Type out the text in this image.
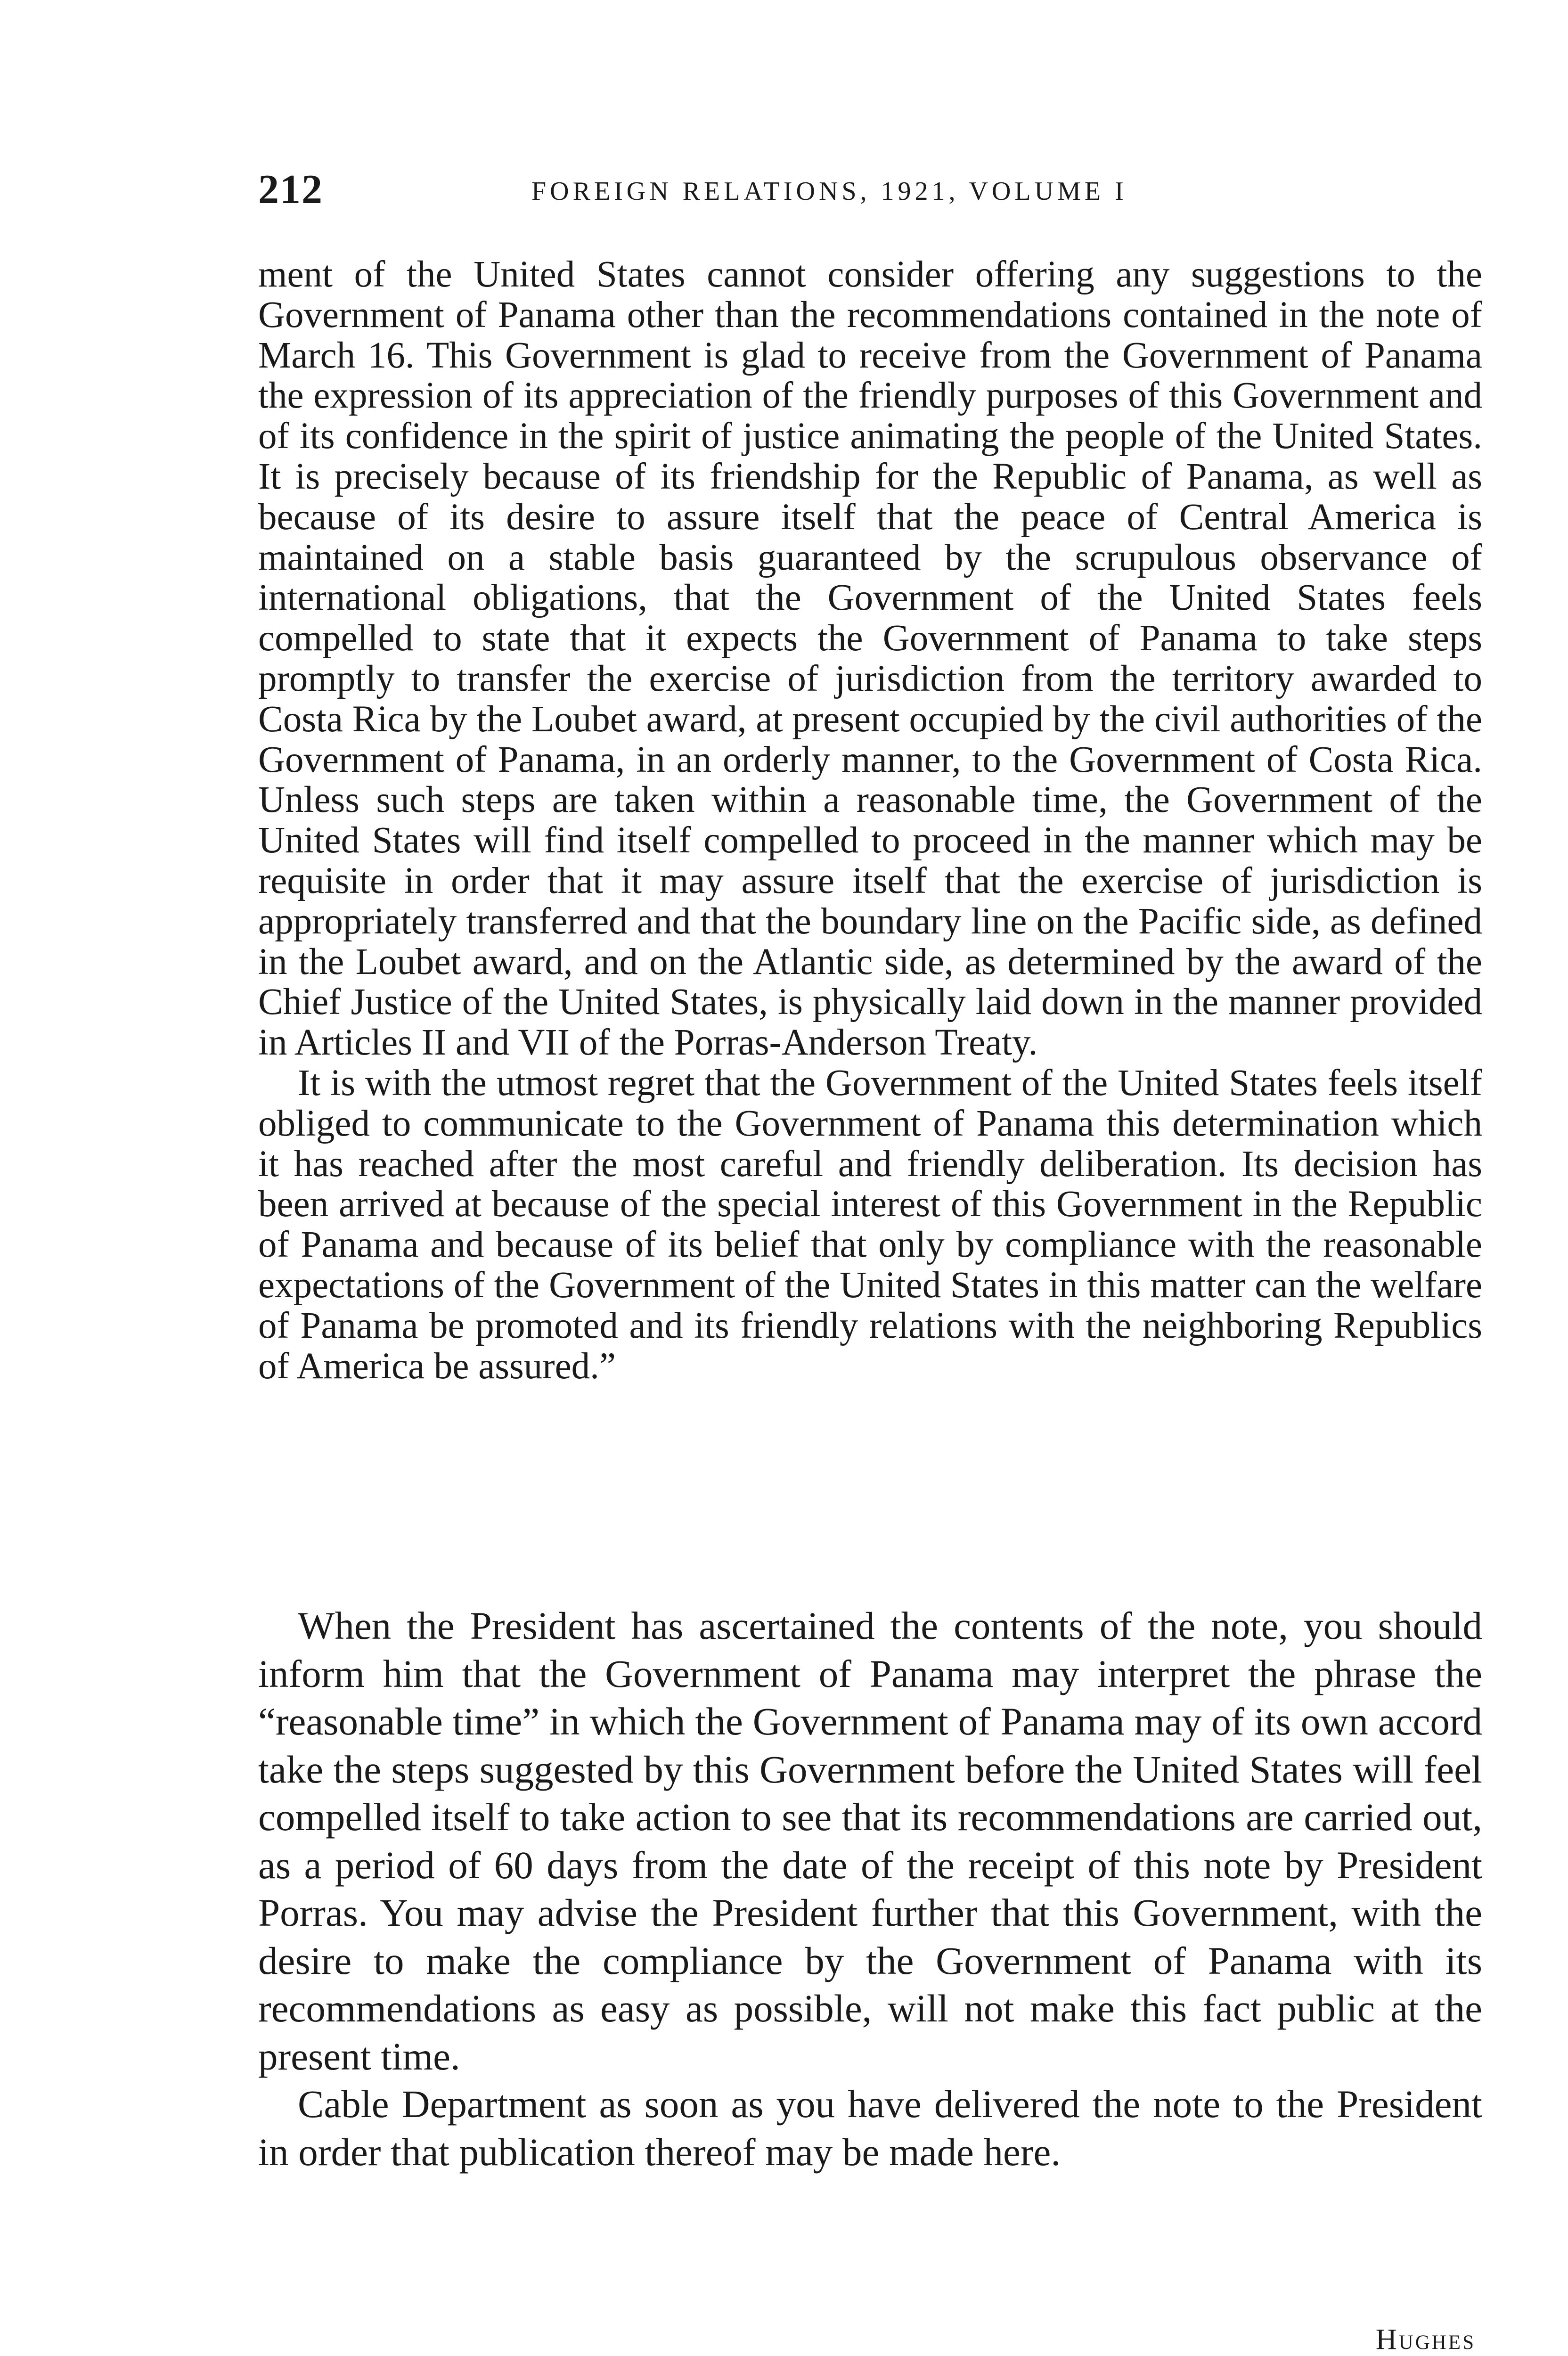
212	FOREIGN RELATIONS, 1921, VOLUME I

ment of the United States cannot consider offering any suggestions to the Government of Panama other than the recommendations contained in the note of March 16. This Government is glad to receive from the Government of Panama the expression of its appreciation of the friendly purposes of this Government and of its confidence in the spirit of justice animating the people of the United States. It is precisely because of its friendship for the Republic of Panama, as well as because of its desire to assure itself that the peace of Central America is maintained on a stable basis guaranteed by the scrupulous observance of international obligations, that the Government of the United States feels compelled to state that it expects the Government of Panama to take steps promptly to transfer the exercise of jurisdiction from the territory awarded to Costa Rica by the Loubet award, at present occupied by the civil authorities of the Government of Panama, in an orderly manner, to the Government of Costa Rica. Unless such steps are taken within a reasonable time, the Government of the United States will find itself compelled to proceed in the manner which may be requisite in order that it may assure itself that the exercise of jurisdiction is appropriately transferred and that the boundary line on the Pacific side, as defined in the Loubet award, and on the Atlantic side, as determined by the award of the Chief Justice of the United States, is physically laid down in the manner provided in Articles II and VII of the Porras-Anderson Treaty.

It is with the utmost regret that the Government of the United States feels itself obliged to communicate to the Government of Panama this determination which it has reached after the most careful and friendly deliberation. Its decision has been arrived at because of the special interest of this Government in the Republic of Panama and because of its belief that only by compliance with the reasonable expectations of the Government of the United States in this matter can the welfare of Panama be promoted and its friendly relations with the neighboring Republics of America be assured.”

When the President has ascertained the contents of the note, you should inform him that the Government of Panama may interpret the phrase the “reasonable time” in which the Government of Panama may of its own accord take the steps suggested by this Government before the United States will feel compelled itself to take action to see that its recommendations are carried out, as a period of 60 days from the date of the receipt of this note by President Porras. You may advise the President further that this Government, with the desire to make the compliance by the Government of Panama with its recommendations as easy as possible, will not make this fact public at the present time.

Cable Department as soon as you have delivered the note to the President in order that publication thereof may be made here.

Hughes
